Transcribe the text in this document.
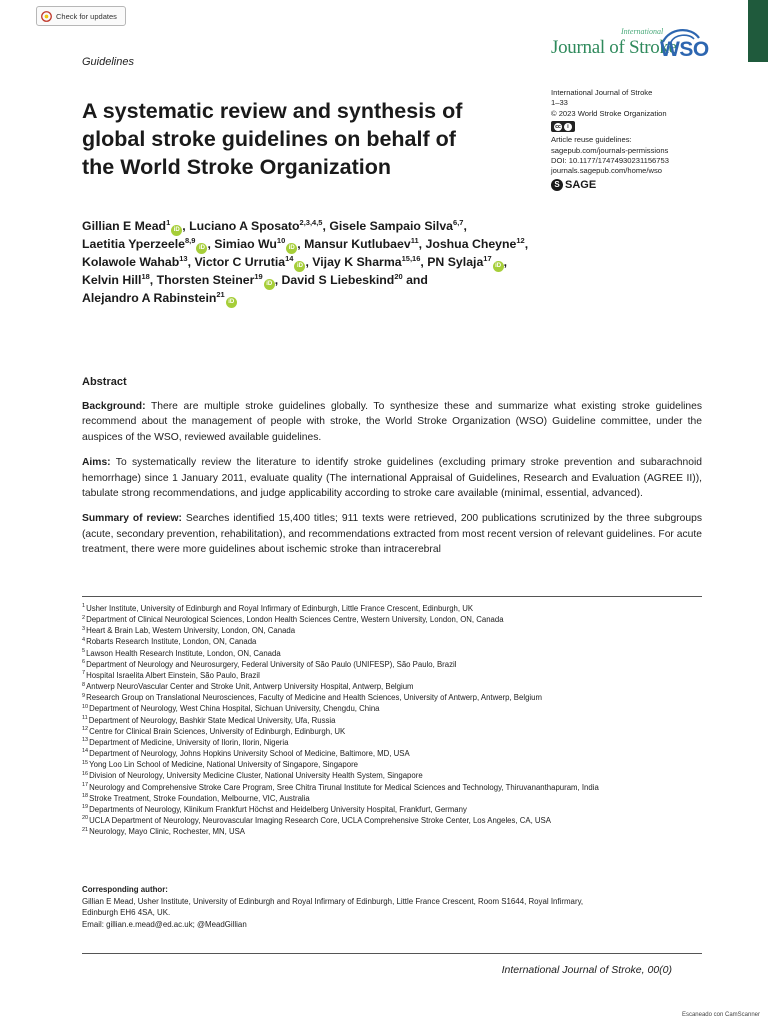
Check for updates
International
Journal of Stroke
WSO
Guidelines
A systematic review and synthesis of global stroke guidelines on behalf of the World Stroke Organization
International Journal of Stroke
1–33
© 2023 World Stroke Organization
cc	i
Article reuse guidelines:
sagepub.com/journals-permissions
DOI: 10.1177/17474930231156753
journals.sagepub.com/home/wso
S SAGE
Gillian E Mead$^1$iD , Luciano A Sposato$^{2,3,4,5}$, Gisele Sampaio Silva$^{6,7}$, Laetitia Yperzeele$^{8,9}$iD , Simiao Wu$^{10}$iD , Mansur Kutlubaev$^{11}$, Joshua Cheyne$^{12}$, Kolawole Wahab$^{13}$, Victor C Urrutia$^{14}$iD , Vijay K Sharma$^{15,16}$, PN Sylaja$^{17}$iD , Kelvin Hill$^{18}$, Thorsten Steiner$^{19}$iD , David S Liebeskind$^{20}$ and Alejandro A Rabinstein$^{21}$iD
Abstract

Background: There are multiple stroke guidelines globally. To synthesize these and summarize what existing stroke guidelines recommend about the management of people with stroke, the World Stroke Organization (WSO) Guideline committee, under the auspices of the WSO, reviewed available guidelines.

Aims: To systematically review the literature to identify stroke guidelines (excluding primary stroke prevention and subarachnoid hemorrhage) since 1 January 2011, evaluate quality (The international Appraisal of Guidelines, Research and Evaluation (AGREE II)), tabulate strong recommendations, and judge applicability according to stroke care available (minimal, essential, advanced).

Summary of review: Searches identified 15,400 titles; 911 texts were retrieved, 200 publications scrutinized by the three subgroups (acute, secondary prevention, rehabilitation), and recommendations extracted from most recent version of relevant guidelines. For acute treatment, there were more guidelines about ischemic stroke than intracerebral

$^1$Usher Institute, University of Edinburgh and Royal Infirmary of Edinburgh, Little France Crescent, Edinburgh, UK
$^2$Department of Clinical Neurological Sciences, London Health Sciences Centre, Western University, London, ON, Canada
$^3$Heart & Brain Lab, Western University, London, ON, Canada
$^4$Robarts Research Institute, London, ON, Canada
$^5$Lawson Health Research Institute, London, ON, Canada
$^6$Department of Neurology and Neurosurgery, Federal University of São Paulo (UNIFESP), São Paulo, Brazil
$^7$Hospital Israelita Albert Einstein, São Paulo, Brazil
$^8$Antwerp NeuroVascular Center and Stroke Unit, Antwerp University Hospital, Antwerp, Belgium
$^9$Research Group on Translational Neurosciences, Faculty of Medicine and Health Sciences, University of Antwerp, Antwerp, Belgium
$^{10}$Department of Neurology, West China Hospital, Sichuan University, Chengdu, China
$^{11}$Department of Neurology, Bashkir State Medical University, Ufa, Russia
$^{12}$Centre for Clinical Brain Sciences, University of Edinburgh, Edinburgh, UK
$^{13}$Department of Medicine, University of Ilorin, Ilorin, Nigeria
$^{14}$Department of Neurology, Johns Hopkins University School of Medicine, Baltimore, MD, USA
$^{15}$Yong Loo Lin School of Medicine, National University of Singapore, Singapore
$^{16}$Division of Neurology, University Medicine Cluster, National University Health System, Singapore
$^{17}$Neurology and Comprehensive Stroke Care Program, Sree Chitra Tirunal Institute for Medical Sciences and Technology, Thiruvananthapuram, India
$^{18}$Stroke Treatment, Stroke Foundation, Melbourne, VIC, Australia
$^{19}$Departments of Neurology, Klinikum Frankfurt Höchst and Heidelberg University Hospital, Frankfurt, Germany
$^{20}$UCLA Department of Neurology, Neurovascular Imaging Research Core, UCLA Comprehensive Stroke Center, Los Angeles, CA, USA
$^{21}$Neurology, Mayo Clinic, Rochester, MN, USA
Corresponding author:
Gillian E Mead, Usher Institute, University of Edinburgh and Royal Infirmary of Edinburgh, Little France Crescent, Room S1644, Royal Infirmary,
Edinburgh EH6 4SA, UK.
Email: gillian.e.mead@ed.ac.uk; @MeadGillian
International Journal of Stroke, 00(0)
Escaneado con CamScanner
